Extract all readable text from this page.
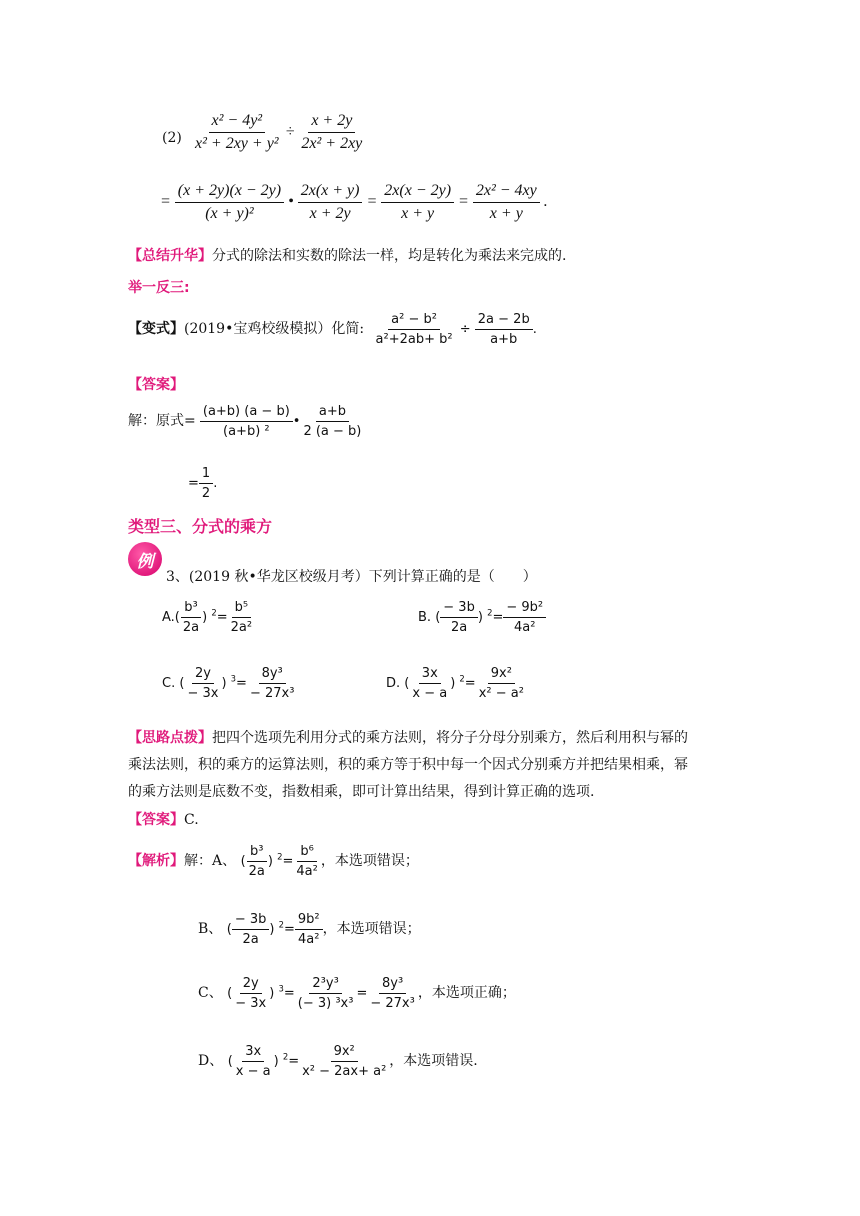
$(2) \frac{\text{x² − 4y²}}{\text{x² + 2xy + y²}} \div \frac{x + 2y}{\text{2x² + 2xy}}$
= $\frac{(x + 2y)(x - 2y)}{\text{(x + y)²}}$ • $\frac{2x(x + y)}{x + 2y} = \frac{2x(x - 2y)}{x + y} = \frac{\text{2x² − 4xy}}{x + y}$ .
【总结升华】分式的除法和实数的除法一样，均是转化为乘法来完成的.
举一反三:
【变式】(2019•宝鸡校级模拟）化简: $\frac{\text{a² − b²}}{\text{a²+2ab+ b²}} \div \frac{2a - 2b}{a+b}$ .
【答案】
解：原式= $\frac{(a+b) (a - b)}{\text{(a+b) ²}}$ • $\frac{a+b}{2 (a - b)}$
= $\frac{1}{2}$ .
类型三、分式的乘方
例
3、(2019 秋•华龙区校级月考）下列计算正确的是（　　）
$A.( \frac{\text{b³}}{2a}$ ) $^2= \frac{\text{b⁵}}{\text{2a²}}$	B. ( $\frac{- 3b}{2a}$ ) $^2= \frac{\text{− 9b²}}{\text{4a²}}$
C. ( $\frac{2y}{- 3x}$ ) $^3= \frac{\text{8y³}}{\text{− 27x³}}$	D. ( $\frac{3x}{x - a}$ ) $^2= \frac{\text{9x²}}{\text{x² − a²}}$
【思路点拨】把四个选项先利用分式的乘方法则，将分子分母分别乘方，然后利用积与幂的
乘法法则，积的乘方的运算法则，积的乘方等于积中每一个因式分别乘方并把结果相乘，幂
的乘方法则是底数不变，指数相乘，即可计算出结果，得到计算正确的选项.
【答案】C.
【解析】解：A、 ( $\frac{\text{b³}}{2a}$ ) $^2= \frac{\text{b⁶}}{\text{4a²}}$ ，本选项错误；
B、 ( $\frac{- 3b}{2a}$ ) $^2= \frac{\text{9b²}}{\text{4a²}}$ ，本选项错误；
C、 ( $\frac{2y}{- 3x}$ ) $^3= \frac{\text{2³y³}}{\text{(− 3) ³x³}} = \frac{\text{8y³}}{\text{− 27x³}}$ ，本选项正确；
D、 ( $\frac{3x}{x - a}$ ) $^2= \frac{\text{9x²}}{\text{x² − 2ax+ a²}}$ ，本选项错误.
